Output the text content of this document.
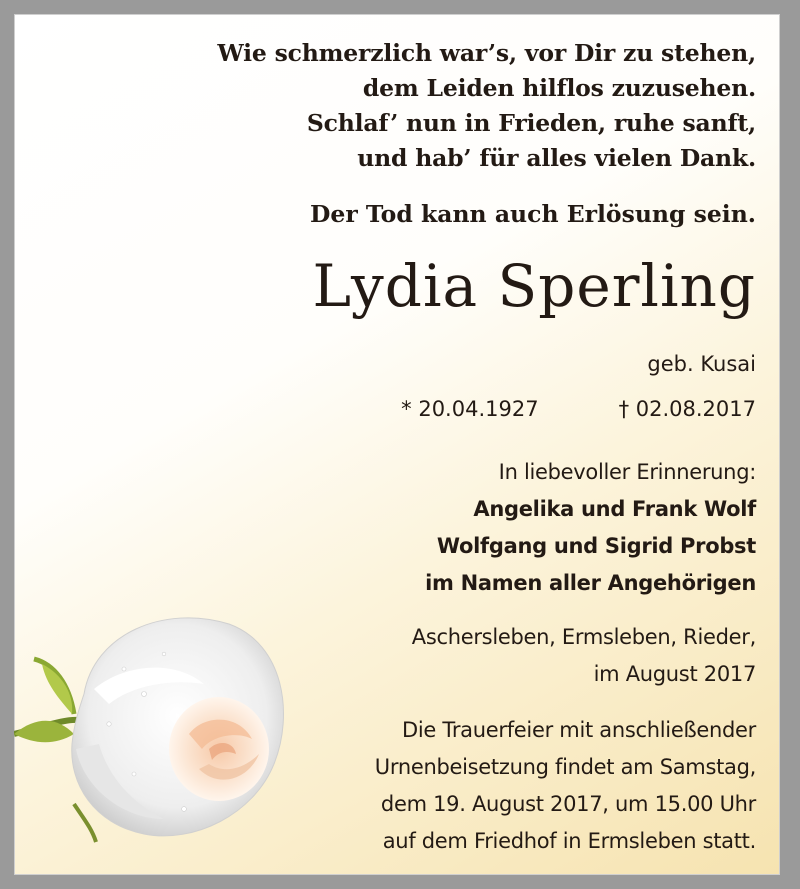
Wie schmerzlich war’s, vor Dir zu stehen,
dem Leiden hilflos zuzusehen.
Schlaf’ nun in Frieden, ruhe sanft,
und hab’ für alles vielen Dank.
Der Tod kann auch Erlösung sein.
Lydia Sperling
geb. Kusai
* 20.04.1927	† 02.08.2017
In liebevoller Erinnerung:
Angelika und Frank Wolf
Wolfgang und Sigrid Probst
im Namen aller Angehörigen
Aschersleben, Ermsleben, Rieder,
im August 2017
Die Trauerfeier mit anschließender
Urnenbeisetzung findet am Samstag,
dem 19. August 2017, um 15.00 Uhr
auf dem Friedhof in Ermsleben statt.
